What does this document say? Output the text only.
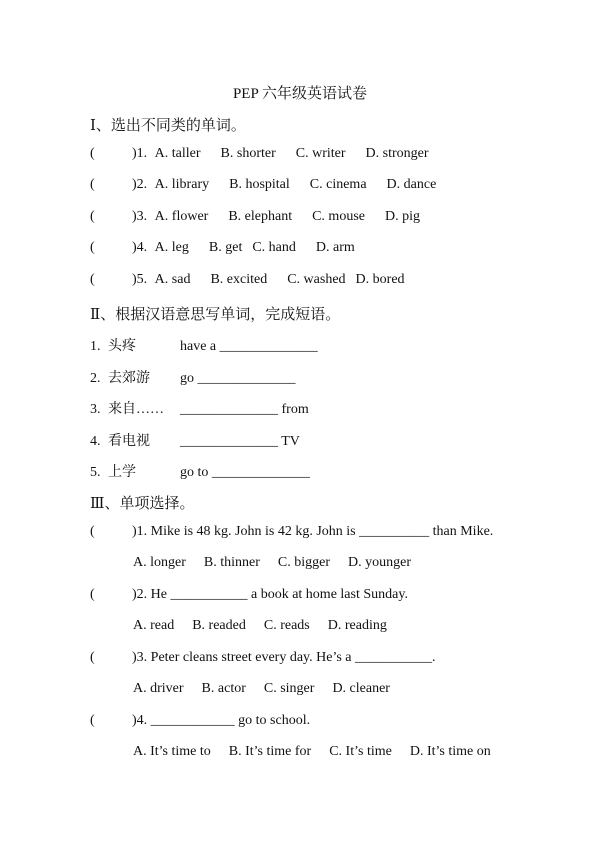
PEP 六年级英语试卷
Ⅰ、选出不同类的单词。
(	)1. A. taller B. shorter C. writer D. stronger
(	)2. A. library B. hospital C. cinema D. dance
(	)3. A. flower B. elephant C. mouse D. pig
(	)4. A. leg B. get C. hand D. arm
(	)5. A. sad B. excited C. washed D. bored
Ⅱ、根据汉语意思写单词，完成短语。
1. 头疼	have a ______________
2. 去郊游 go ______________
3. 来自…… ______________ from
4. 看电视 ______________ TV
5. 上学	go to ______________
Ⅲ、单项选择。
(	)1. Mike is 48 kg. John is 42 kg. John is __________ than Mike.
A. longer B. thinner C. bigger D. younger
(	)2. He ___________ a book at home last Sunday.
A. read B. readed C. reads D. reading
(	)3. Peter cleans street every day. He’s a ___________.
A. driver B. actor C. singer D. cleaner
(	)4. ____________ go to school.
A. It’s time to B. It’s time for C. It’s time D. It’s time on
